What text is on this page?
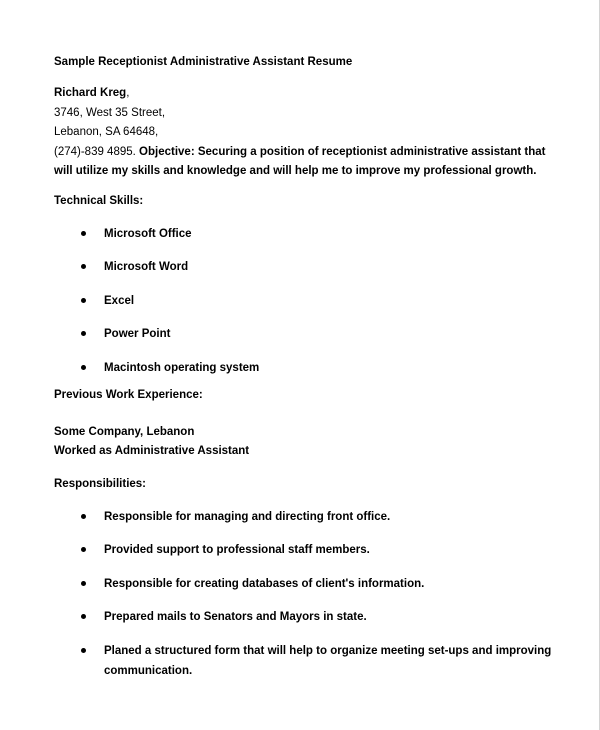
Sample Receptionist Administrative Assistant Resume
Richard Kreg,
3746, West 35 Street,
Lebanon, SA 64648,
(274)-839 4895. Objective: Securing a position of receptionist administrative assistant that will utilize my skills and knowledge and will help me to improve my professional growth.
Technical Skills:
Microsoft Office
Microsoft Word
Excel
Power Point
Macintosh operating system
Previous Work Experience:
Some Company, Lebanon
Worked as Administrative Assistant
Responsibilities:
Responsible for managing and directing front office.
Provided support to professional staff members.
Responsible for creating databases of client's information.
Prepared mails to Senators and Mayors in state.
Planed a structured form that will help to organize meeting set-ups and improving communication.
